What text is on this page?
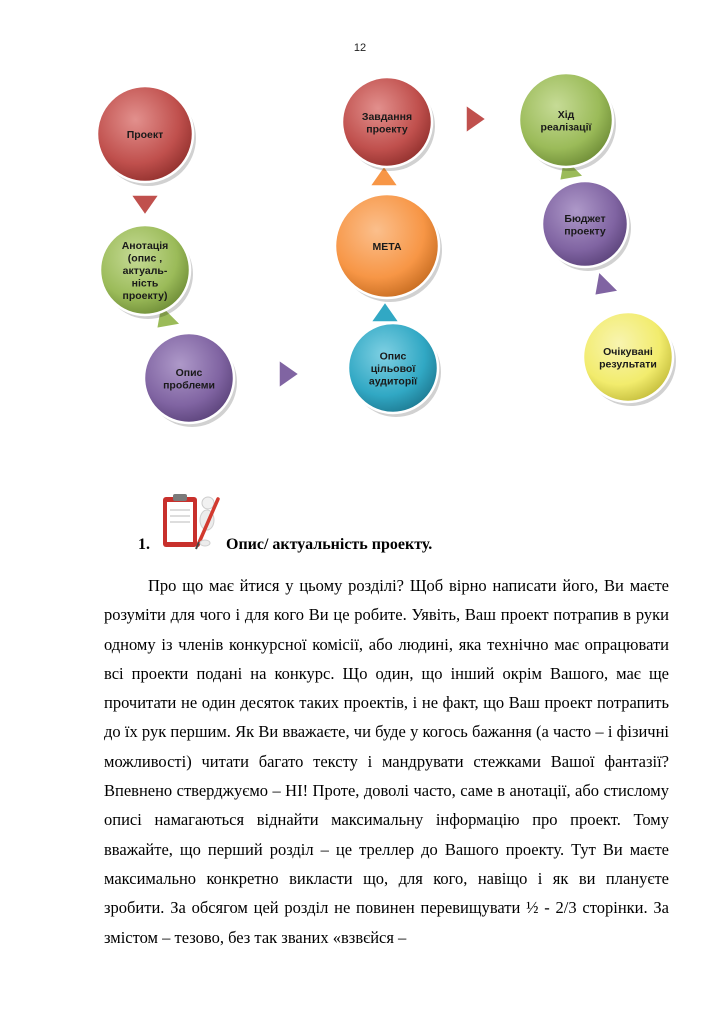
12
Проект
Анотація (опис , актуаль-ність проекту)
Опис проблеми
Опис цільової аудиторії
МЕТА
Завдання проекту
Хід реалізації
Бюджет проекту
Очікувані результати
1.	Опис/ актуальність проекту.

Про що має йтися у цьому розділі? Щоб вірно написати його, Ви маєте розуміти для чого і для кого Ви це робите. Уявіть, Ваш проект потрапив в руки одному із членів конкурсної комісії, або людині, яка технічно має опрацювати всі проекти подані на конкурс. Що один, що інший окрім Вашого, має ще прочитати не один десяток таких проектів, і не факт, що Ваш проект потрапить до їх рук першим. Як Ви вважаєте, чи буде у когось бажання (а часто – і фізичні можливості) читати багато тексту і мандрувати стежками Вашої фантазії? Впевнено стверджуємо – НІ! Проте, доволі часто, саме в анотації, або стислому описі намагаються віднайти максимальну інформацію про проект. Тому вважайте, що перший розділ – це треллер до Вашого проекту. Тут Ви маєте максимально конкретно викласти що, для кого, навіщо і як ви плануєте зробити. За обсягом цей розділ не повинен перевищувати ½ - 2/3 сторінки. За змістом – тезово, без так званих «взвєйся –
